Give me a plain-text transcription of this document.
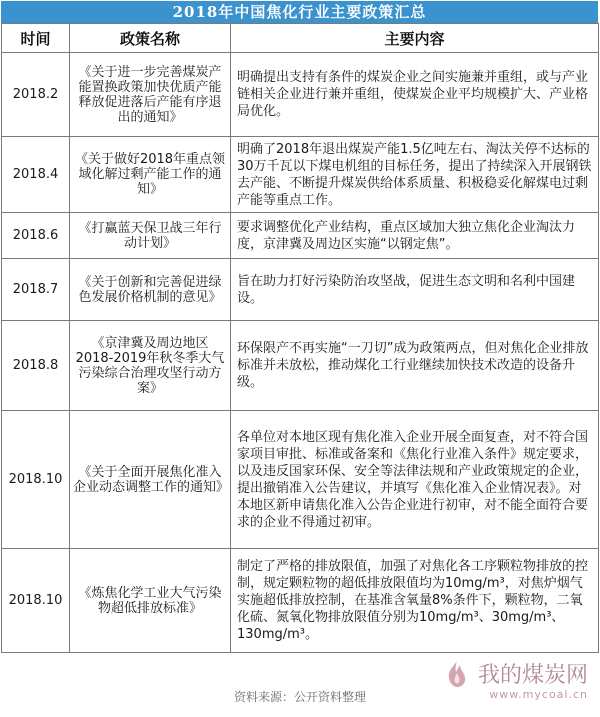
2018年中国焦化行业主要政策汇总
时间	政策名称	主要内容
2018.2	《关于进一步完善煤炭产能置换政策加快优质产能释放促进落后产能有序退出的通知》	明确提出支持有条件的煤炭企业之间实施兼并重组，或与产业链相关企业进行兼并重组，使煤炭企业平均规模扩大、产业格局优化。
2018.4	《关于做好2018年重点领域化解过剩产能工作的通知》	明确了2018年退出煤炭产能1.5亿吨左右、淘汰关停不达标的30万千瓦以下煤电机组的目标任务，提出了持续深入开展钢铁去产能、不断提升煤炭供给体系质量、积极稳妥化解煤电过剩产能等重点工作。
2018.6	《打赢蓝天保卫战三年行动计划》	要求调整优化产业结构，重点区域加大独立焦化企业淘汰力度，京津冀及周边区实施“以钢定焦”。
2018.7	《关于创新和完善促进绿色发展价格机制的意见》	旨在助力打好污染防治攻坚战，促进生态文明和名利中国建设。
2018.8	《京津冀及周边地区2018-2019年秋冬季大气污染综合治理攻坚行动方案》	环保限产不再实施“一刀切”成为政策两点，但对焦化企业排放标准并未放松，推动煤化工行业继续加快技术改造的设备升级。
2018.10	《关于全面开展焦化准入企业动态调整工作的通知》	各单位对本地区现有焦化准入企业开展全面复查，对不符合国家项目审批、标准或备案和《焦化行业准入条件》规定要求，以及违反国家环保、安全等法律法规和产业政策规定的企业，提出撤销准入公告建议，并填写《焦化准入企业情况表》。对本地区新申请焦化准入公告企业进行初审，对不能全面符合要求的企业不得通过初审。
2018.10	《炼焦化学工业大气污染物超低排放标准》	制定了严格的排放限值，加强了对焦化各工序颗粒物排放的控制，规定颗粒物的超低排放限值均为10mg/m³，对焦炉烟气实施超低排放控制，在基准含氧量8%条件下，颗粒物，二氧化硫、氮氧化物排放限值分别为10mg/m³、30mg/m³、130mg/m³。
资料来源：公开资料整理
我的煤炭网
www.mycoal.cn
